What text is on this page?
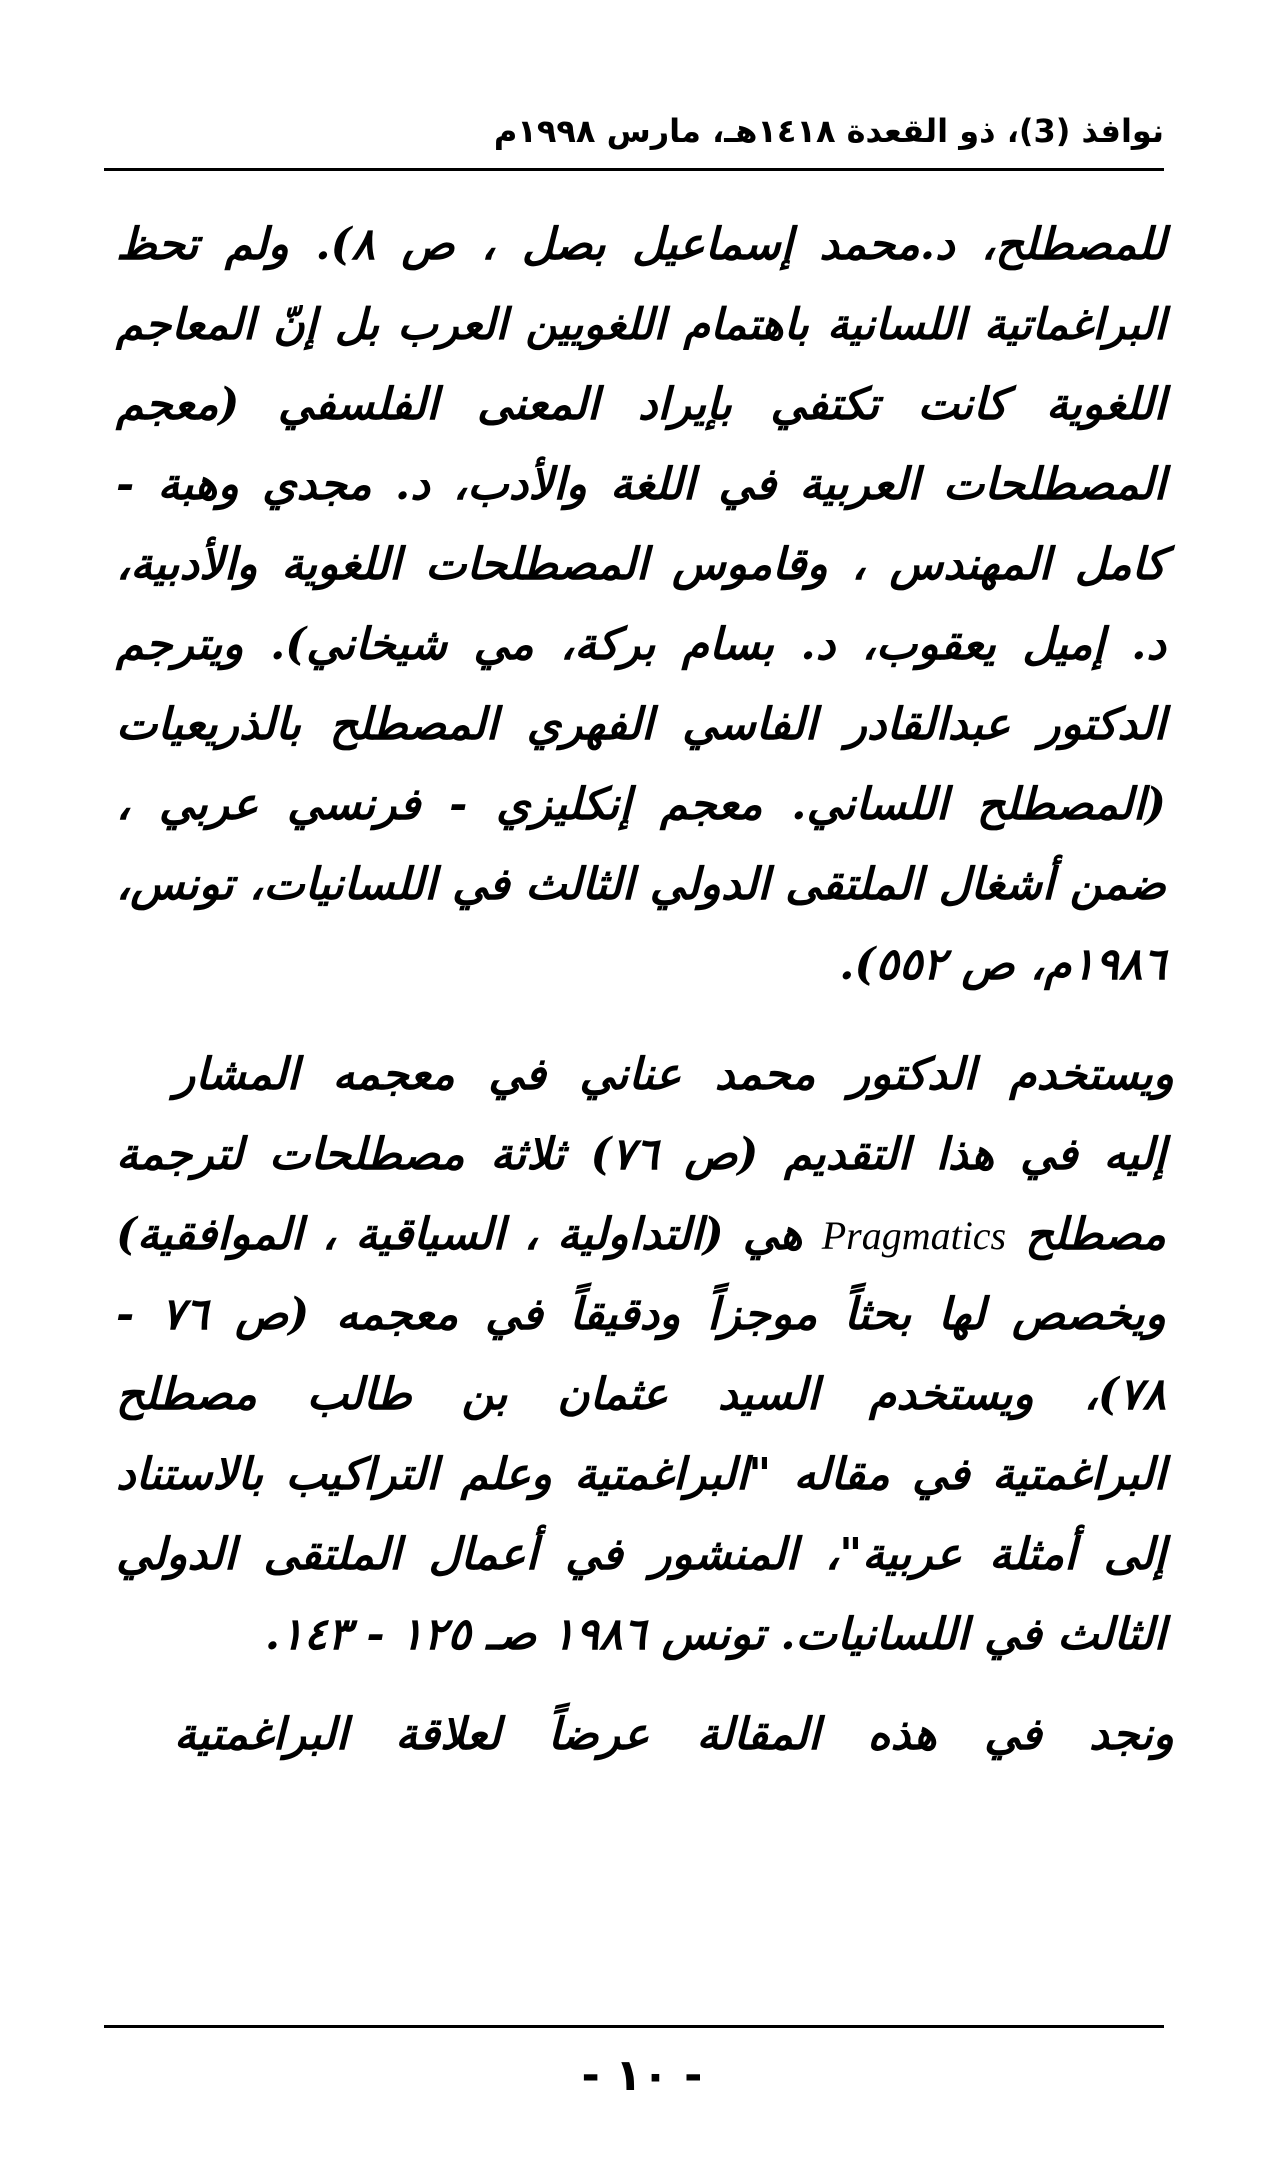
نوافذ (3)، ذو القعدة ١٤١٨هـ، مارس ١٩٩٨م
للمصطلح، د.محمد إسماعيل بصل ، ص ٨). ولم تحظ
البراغماتية اللسانية باهتمام اللغويين العرب بل إنّ المعاجم
اللغوية كانت تكتفي بإيراد المعنى الفلسفي (معجم
المصطلحات العربية في اللغة والأدب، د. مجدي وهبة -
كامل المهندس ، وقاموس المصطلحات اللغوية والأدبية،
د. إميل يعقوب، د. بسام بركة، مي شيخاني). ويترجم
الدكتور عبدالقادر الفاسي الفهري المصطلح بالذريعيات
(المصطلح اللساني. معجم إنكليزي - فرنسي عربي ،
ضمن أشغال الملتقى الدولي الثالث في اللسانيات، تونس،
١٩٨٦م، ص ٥٥٢).
ويستخدم الدكتور محمد عناني في معجمه المشار
إليه في هذا التقديم (ص ٧٦) ثلاثة مصطلحات لترجمة
مصطلح Pragmatics هي (التداولية ، السياقية ، الموافقية)
ويخصص لها بحثاً موجزاً ودقيقاً في معجمه (ص ٧٦ -
٧٨)، ويستخدم السيد عثمان بن طالب مصطلح
البراغمتية في مقاله "البراغمتية وعلم التراكيب بالاستناد
إلى أمثلة عربية"، المنشور في أعمال الملتقى الدولي
الثالث في اللسانيات. تونس ١٩٨٦ صـ ١٢٥ - ١٤٣.
ونجد في هذه المقالة عرضاً لعلاقة البراغمتية
- ١٠ -
